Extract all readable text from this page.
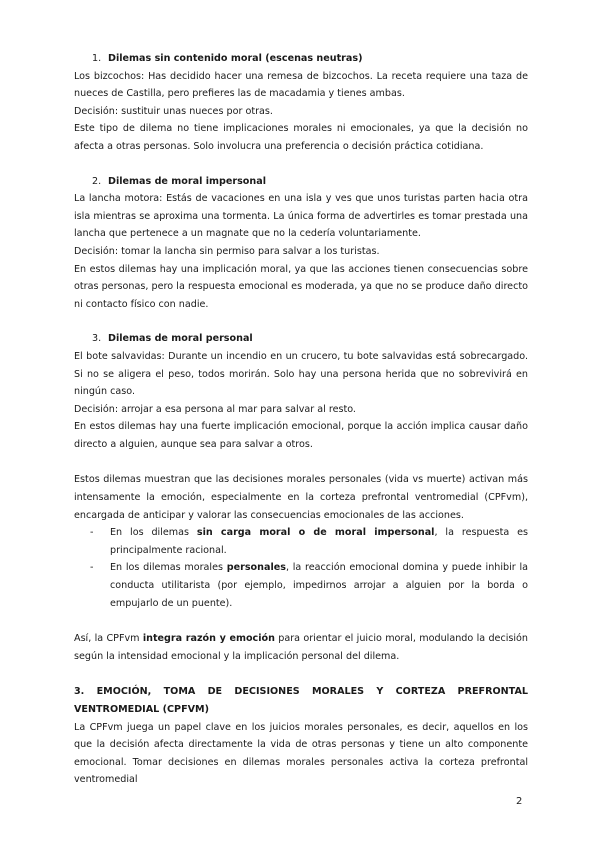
1. Dilemas sin contenido moral (escenas neutras)

Los bizcochos: Has decidido hacer una remesa de bizcochos. La receta requiere una taza de nueces de Castilla, pero prefieres las de macadamia y tienes ambas.

Decisión: sustituir unas nueces por otras.

Este tipo de dilema no tiene implicaciones morales ni emocionales, ya que la decisión no afecta a otras personas. Solo involucra una preferencia o decisión práctica cotidiana.

2. Dilemas de moral impersonal

La lancha motora: Estás de vacaciones en una isla y ves que unos turistas parten hacia otra isla mientras se aproxima una tormenta. La única forma de advertirles es tomar prestada una lancha que pertenece a un magnate que no la cedería voluntariamente.

Decisión: tomar la lancha sin permiso para salvar a los turistas.

En estos dilemas hay una implicación moral, ya que las acciones tienen consecuencias sobre otras personas, pero la respuesta emocional es moderada, ya que no se produce daño directo ni contacto físico con nadie.

3. Dilemas de moral personal

El bote salvavidas: Durante un incendio en un crucero, tu bote salvavidas está sobrecargado. Si no se aligera el peso, todos morirán. Solo hay una persona herida que no sobrevivirá en ningún caso.

Decisión: arrojar a esa persona al mar para salvar al resto.

En estos dilemas hay una fuerte implicación emocional, porque la acción implica causar daño directo a alguien, aunque sea para salvar a otros.

Estos dilemas muestran que las decisiones morales personales (vida vs muerte) activan más intensamente la emoción, especialmente en la corteza prefrontal ventromedial (CPFvm), encargada de anticipar y valorar las consecuencias emocionales de las acciones.

- En los dilemas sin carga moral o de moral impersonal, la respuesta es principalmente racional.
- En los dilemas morales personales, la reacción emocional domina y puede inhibir la conducta utilitarista (por ejemplo, impedirnos arrojar a alguien por la borda o empujarlo de un puente).

Así, la CPFvm integra razón y emoción para orientar el juicio moral, modulando la decisión según la intensidad emocional y la implicación personal del dilema.

3. EMOCIÓN, TOMA DE DECISIONES MORALES Y CORTEZA PREFRONTAL VENTROMEDIAL (CPFVM)

La CPFvm juega un papel clave en los juicios morales personales, es decir, aquellos en los que la decisión afecta directamente la vida de otras personas y tiene un alto componente emocional. Tomar decisiones en dilemas morales personales activa la corteza prefrontal ventromedial

2
